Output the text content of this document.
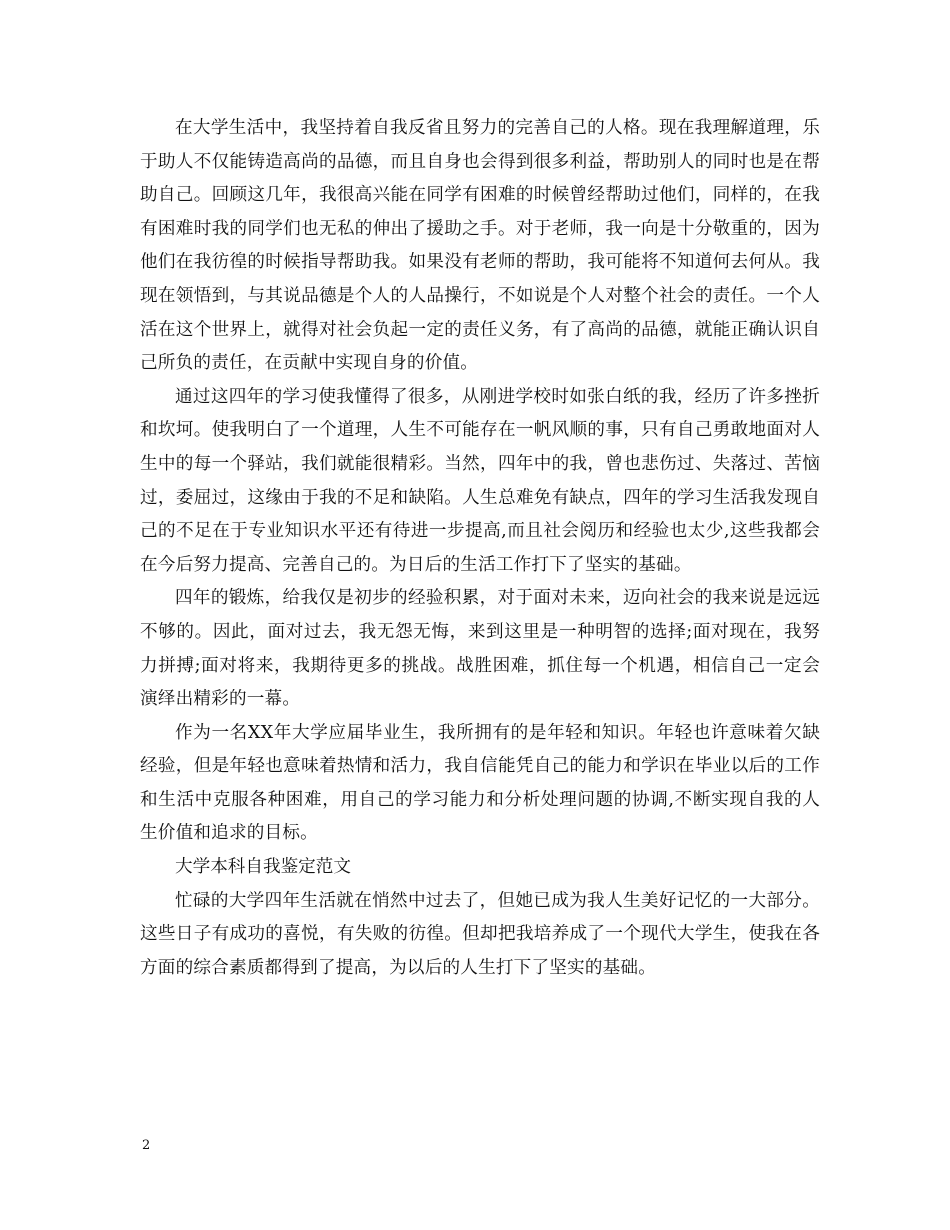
在大学生活中，我坚持着自我反省且努力的完善自己的人格。现在我理解道理，乐于助人不仅能铸造高尚的品德，而且自身也会得到很多利益，帮助别人的同时也是在帮助自己。回顾这几年，我很高兴能在同学有困难的时候曾经帮助过他们，同样的，在我有困难时我的同学们也无私的伸出了援助之手。对于老师，我一向是十分敬重的，因为他们在我彷徨的时候指导帮助我。如果没有老师的帮助，我可能将不知道何去何从。我现在领悟到，与其说品德是个人的人品操行，不如说是个人对整个社会的责任。一个人活在这个世界上，就得对社会负起一定的责任义务，有了高尚的品德，就能正确认识自己所负的责任，在贡献中实现自身的价值。

通过这四年的学习使我懂得了很多，从刚进学校时如张白纸的我，经历了许多挫折和坎坷。使我明白了一个道理，人生不可能存在一帆风顺的事，只有自己勇敢地面对人生中的每一个驿站，我们就能很精彩。当然，四年中的我，曾也悲伤过、失落过、苦恼过，委屈过，这缘由于我的不足和缺陷。人生总难免有缺点，四年的学习生活我发现自己的不足在于专业知识水平还有待进一步提高,而且社会阅历和经验也太少,这些我都会在今后努力提高、完善自己的。为日后的生活工作打下了坚实的基础。

四年的锻炼，给我仅是初步的经验积累，对于面对未来，迈向社会的我来说是远远不够的。因此，面对过去，我无怨无悔，来到这里是一种明智的选择;面对现在，我努力拼搏;面对将来，我期待更多的挑战。战胜困难，抓住每一个机遇，相信自己一定会演绎出精彩的一幕。

作为一名XX年大学应届毕业生，我所拥有的是年轻和知识。年轻也许意味着欠缺经验，但是年轻也意味着热情和活力，我自信能凭自己的能力和学识在毕业以后的工作和生活中克服各种困难，用自己的学习能力和分析处理问题的协调,不断实现自我的人生价值和追求的目标。

大学本科自我鉴定范文

忙碌的大学四年生活就在悄然中过去了，但她已成为我人生美好记忆的一大部分。这些日子有成功的喜悦，有失败的彷徨。但却把我培养成了一个现代大学生，使我在各方面的综合素质都得到了提高，为以后的人生打下了坚实的基础。

2
